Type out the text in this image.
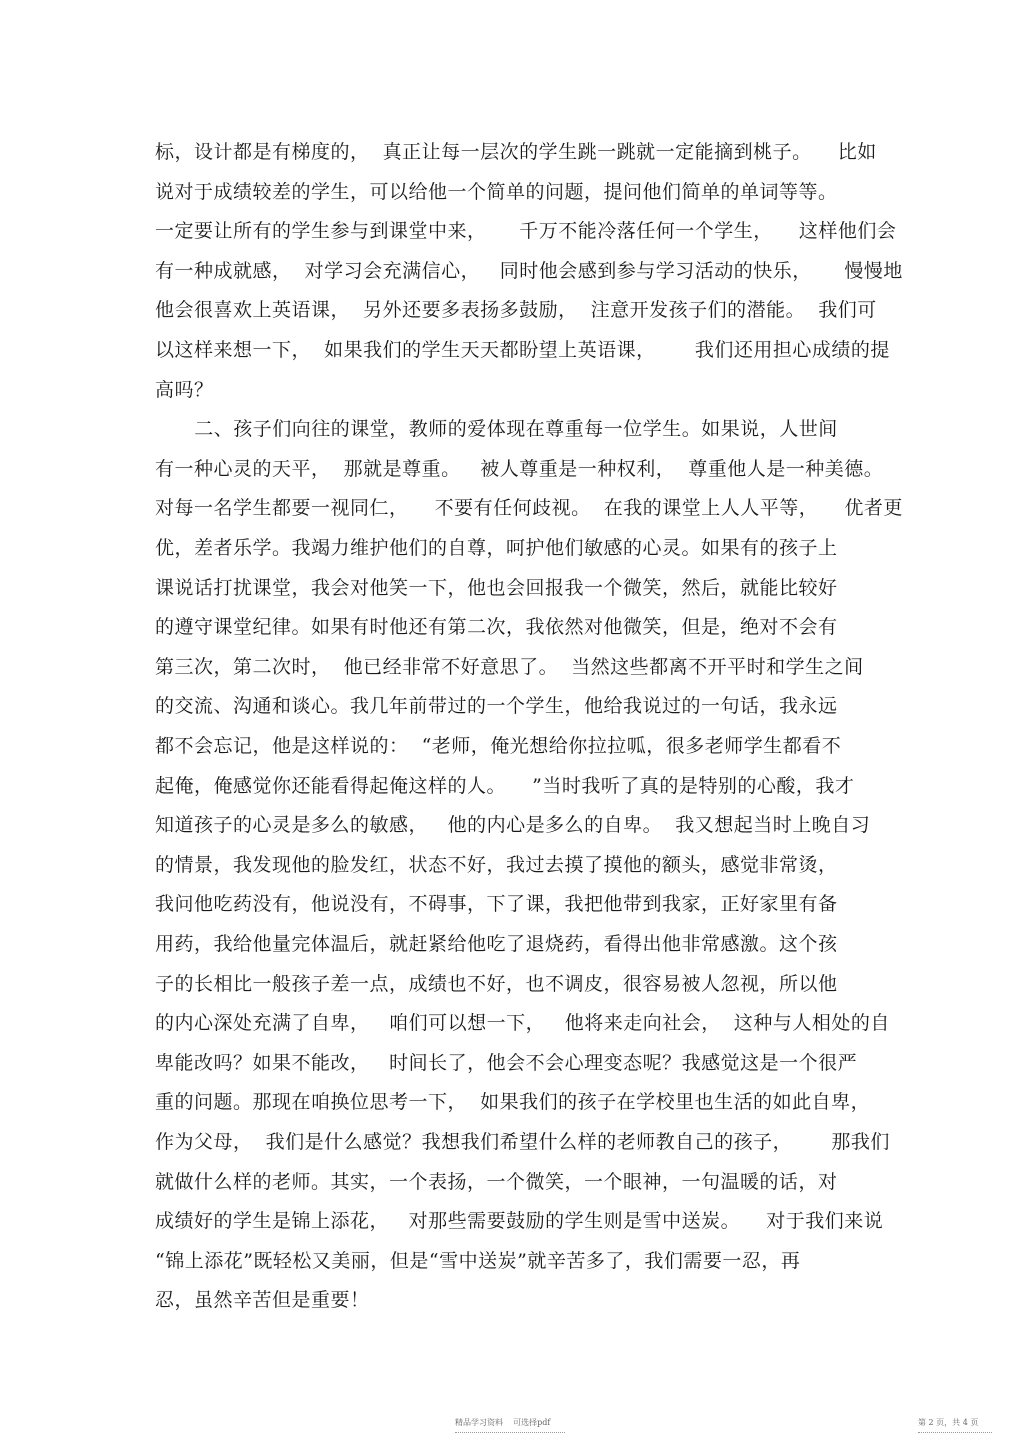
标，设计都是有梯度的，  真正让每一层次的学生跳一跳就一定能摘到桃子。    比如
说对于成绩较差的学生，可以给他一个简单的问题，提问他们简单的单词等等。
一定要让所有的学生参与到课堂中来，     千万不能冷落任何一个学生，    这样他们会
有一种成就感，  对学习会充满信心，   同时他会感到参与学习活动的快乐，     慢慢地
他会很喜欢上英语课，  另外还要多表扬多鼓励，  注意开发孩子们的潜能。  我们可
以这样来想一下，  如果我们的学生天天都盼望上英语课，      我们还用担心成绩的提
高吗？
二、孩子们向往的课堂，教师的爱体现在尊重每一位学生。如果说，人世间
有一种心灵的天平，  那就是尊重。   被人尊重是一种权利，  尊重他人是一种美德。
对每一名学生都要一视同仁，    不要有任何歧视。  在我的课堂上人人平等，    优者更
优，差者乐学。我竭力维护他们的自尊，呵护他们敏感的心灵。如果有的孩子上
课说话打扰课堂，我会对他笑一下，他也会回报我一个微笑，然后，就能比较好
的遵守课堂纪律。如果有时他还有第二次，我依然对他微笑，但是，绝对不会有
第三次，第二次时，  他已经非常不好意思了。  当然这些都离不开平时和学生之间
的交流、沟通和谈心。我几年前带过的一个学生，他给我说过的一句话，我永远
都不会忘记，他是这样说的：  “老师，俺光想给你拉拉呱，很多老师学生都看不
起俺，俺感觉你还能看得起俺这样的人。    ”当时我听了真的是特别的心酸，我才
知道孩子的心灵是多么的敏感，   他的内心是多么的自卑。  我又想起当时上晚自习
的情景，我发现他的脸发红，状态不好，我过去摸了摸他的额头，感觉非常烫，
我问他吃药没有，他说没有，不碍事，下了课，我把他带到我家，正好家里有备
用药，我给他量完体温后，就赶紧给他吃了退烧药，看得出他非常感激。这个孩
子的长相比一般孩子差一点，成绩也不好，也不调皮，很容易被人忽视，所以他
的内心深处充满了自卑，   咱们可以想一下，   他将来走向社会，  这种与人相处的自
卑能改吗？如果不能改，   时间长了，他会不会心理变态呢？我感觉这是一个很严
重的问题。那现在咱换位思考一下，  如果我们的孩子在学校里也生活的如此自卑，
作为父母，  我们是什么感觉？我想我们希望什么样的老师教自己的孩子，      那我们
就做什么样的老师。其实，一个表扬，一个微笑，一个眼神，一句温暖的话，对
成绩好的学生是锦上添花，   对那些需要鼓励的学生则是雪中送炭。    对于我们来说
“锦上添花”既轻松又美丽，但是“雪中送炭”就辛苦多了，我们需要一忍，再
忍，虽然辛苦但是重要！
精品学习资料    可选择pdf	第 2 页，共 4 页
